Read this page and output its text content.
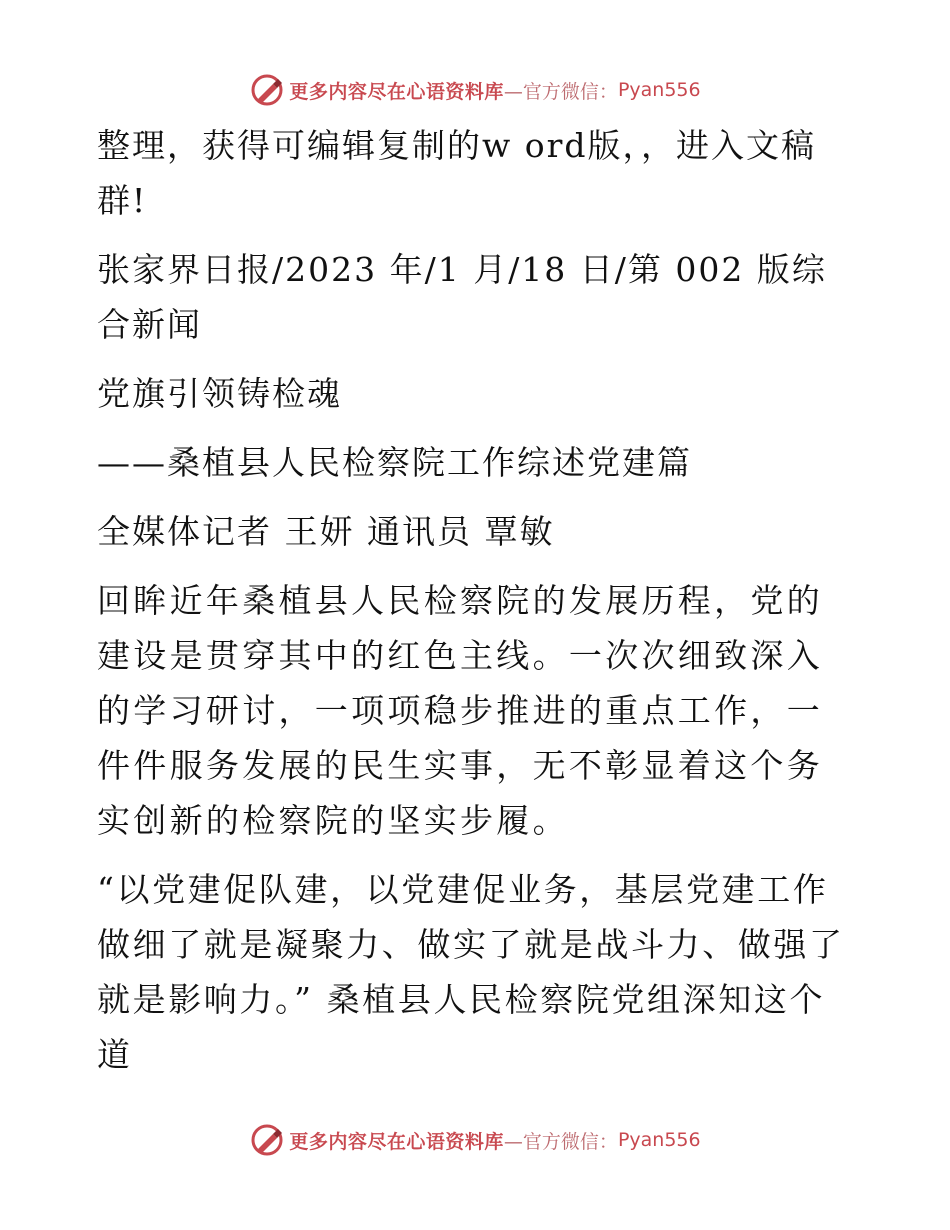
更多内容尽在心语资料库 —官方微信： Pyan556

整理，获得可编辑复制的w ord版，，进入文稿群!

张家界日报/2023 年/1 月/18 日/第 002 版综合新闻

党旗引领铸检魂

——桑植县人民检察院工作综述党建篇

全媒体记者 王妍 通讯员 覃敏

回眸近年桑植县人民检察院的发展历程，党的建设是贯穿其中的红色主线。一次次细致深入的学习研讨，一项项稳步推进的重点工作，一件件服务发展的民生实事，无不彰显着这个务实创新的检察院的坚实步履。

“以党建促队建，以党建促业务，基层党建工作做细了就是凝聚力、做实了就是战斗力、做强了就是影响力。” 桑植县人民检察院党组深知这个道

更多内容尽在心语资料库 —官方微信： Pyan556
